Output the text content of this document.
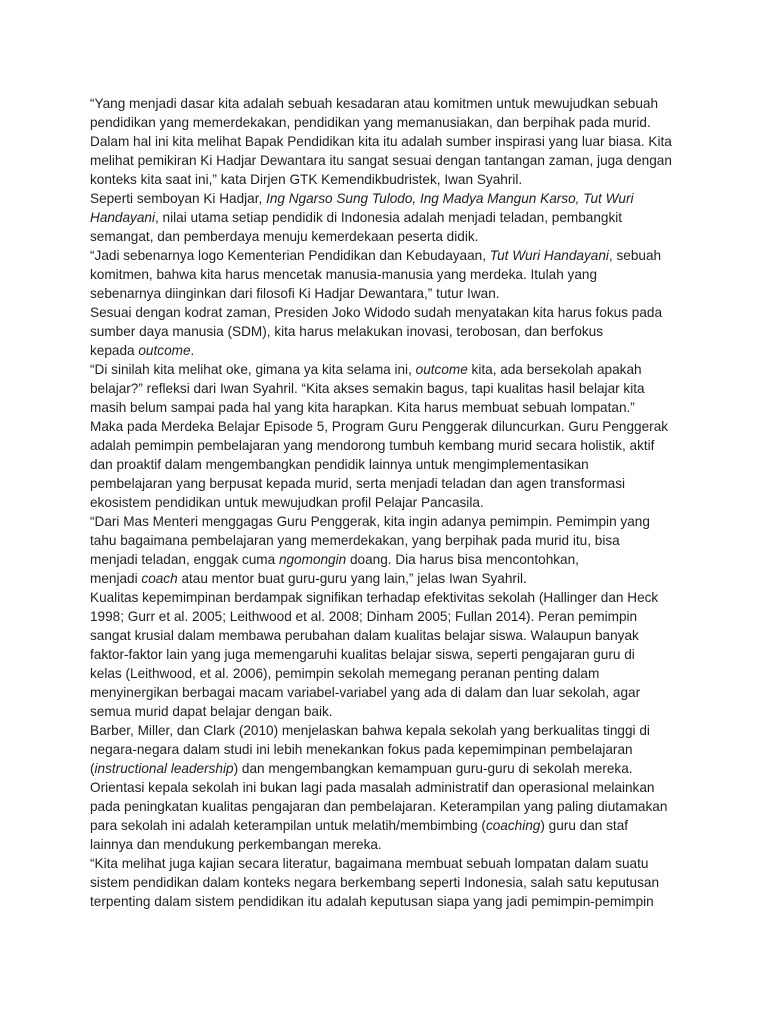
“Yang menjadi dasar kita adalah sebuah kesadaran atau komitmen untuk mewujudkan sebuah
pendidikan yang memerdekakan, pendidikan yang memanusiakan, dan berpihak pada murid.
Dalam hal ini kita melihat Bapak Pendidikan kita itu adalah sumber inspirasi yang luar biasa. Kita
melihat pemikiran Ki Hadjar Dewantara itu sangat sesuai dengan tantangan zaman, juga dengan
konteks kita saat ini,” kata Dirjen GTK Kemendikbudristek, Iwan Syahril.
Seperti semboyan Ki Hadjar, Ing Ngarso Sung Tulodo, Ing Madya Mangun Karso, Tut Wuri
Handayani, nilai utama setiap pendidik di Indonesia adalah menjadi teladan, pembangkit
semangat, dan pemberdaya menuju kemerdekaan peserta didik.
“Jadi sebenarnya logo Kementerian Pendidikan dan Kebudayaan, Tut Wuri Handayani, sebuah
komitmen, bahwa kita harus mencetak manusia-manusia yang merdeka. Itulah yang
sebenarnya diinginkan dari filosofi Ki Hadjar Dewantara,” tutur Iwan.
Sesuai dengan kodrat zaman, Presiden Joko Widodo sudah menyatakan kita harus fokus pada
sumber daya manusia (SDM), kita harus melakukan inovasi, terobosan, dan berfokus
kepada outcome.
“Di sinilah kita melihat oke, gimana ya kita selama ini, outcome kita, ada bersekolah apakah
belajar?” refleksi dari Iwan Syahril. “Kita akses semakin bagus, tapi kualitas hasil belajar kita
masih belum sampai pada hal yang kita harapkan. Kita harus membuat sebuah lompatan.”
Maka pada Merdeka Belajar Episode 5, Program Guru Penggerak diluncurkan. Guru Penggerak
adalah pemimpin pembelajaran yang mendorong tumbuh kembang murid secara holistik, aktif
dan proaktif dalam mengembangkan pendidik lainnya untuk mengimplementasikan
pembelajaran yang berpusat kepada murid, serta menjadi teladan dan agen transformasi
ekosistem pendidikan untuk mewujudkan profil Pelajar Pancasila.
“Dari Mas Menteri menggagas Guru Penggerak, kita ingin adanya pemimpin. Pemimpin yang
tahu bagaimana pembelajaran yang memerdekakan, yang berpihak pada murid itu, bisa
menjadi teladan, enggak cuma ngomongin doang. Dia harus bisa mencontohkan,
menjadi coach atau mentor buat guru-guru yang lain,” jelas Iwan Syahril.
Kualitas kepemimpinan berdampak signifikan terhadap efektivitas sekolah (Hallinger dan Heck
1998; Gurr et al. 2005; Leithwood et al. 2008; Dinham 2005; Fullan 2014). Peran pemimpin
sangat krusial dalam membawa perubahan dalam kualitas belajar siswa. Walaupun banyak
faktor-faktor lain yang juga memengaruhi kualitas belajar siswa, seperti pengajaran guru di
kelas (Leithwood, et al. 2006), pemimpin sekolah memegang peranan penting dalam
menyinergikan berbagai macam variabel-variabel yang ada di dalam dan luar sekolah, agar
semua murid dapat belajar dengan baik.
Barber, Miller, dan Clark (2010) menjelaskan bahwa kepala sekolah yang berkualitas tinggi di
negara-negara dalam studi ini lebih menekankan fokus pada kepemimpinan pembelajaran
(instructional leadership) dan mengembangkan kemampuan guru-guru di sekolah mereka.
Orientasi kepala sekolah ini bukan lagi pada masalah administratif dan operasional melainkan
pada peningkatan kualitas pengajaran dan pembelajaran. Keterampilan yang paling diutamakan
para sekolah ini adalah keterampilan untuk melatih/membimbing (coaching) guru dan staf
lainnya dan mendukung perkembangan mereka.
“Kita melihat juga kajian secara literatur, bagaimana membuat sebuah lompatan dalam suatu
sistem pendidikan dalam konteks negara berkembang seperti Indonesia, salah satu keputusan
terpenting dalam sistem pendidikan itu adalah keputusan siapa yang jadi pemimpin-pemimpin
